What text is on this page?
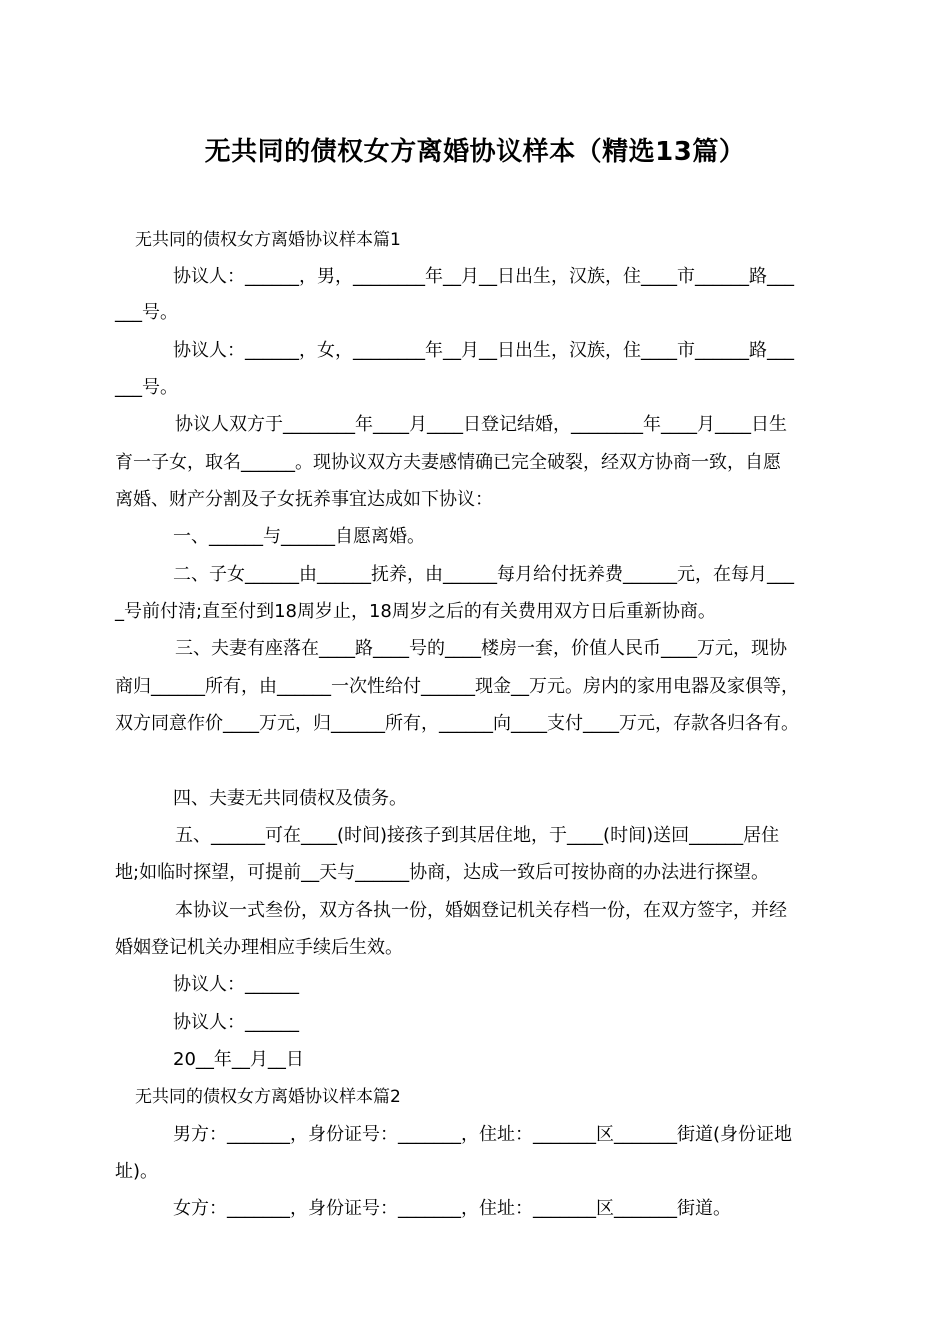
无共同的债权女方离婚协议样本（精选13篇）
无共同的债权女方离婚协议样本篇1
协议人：______，男，________年__月__日出生，汉族，住____市______路___
___号。
协议人：______，女，________年__月__日出生，汉族，住____市______路___
___号。
协议人双方于________年____月____日登记结婚，________年____月____日生
育一子女，取名______。现协议双方夫妻感情确已完全破裂，经双方协商一致，自愿
离婚、财产分割及子女抚养事宜达成如下协议：
一、______与______自愿离婚。
二、子女______由______抚养，由______每月给付抚养费______元，在每月___
_号前付清;直至付到18周岁止，18周岁之后的有关费用双方日后重新协商。
三、夫妻有座落在____路____号的____楼房一套，价值人民币____万元，现协
商归______所有，由______一次性给付______现金__万元。房内的家用电器及家俱等，
双方同意作价____万元，归______所有，______向____支付____万元，存款各归各有。
四、夫妻无共同债权及债务。
五、______可在____(时间)接孩子到其居住地，于____(时间)送回______居住
地;如临时探望，可提前__天与______协商，达成一致后可按协商的办法进行探望。
本协议一式叁份，双方各执一份，婚姻登记机关存档一份，在双方签字，并经
婚姻登记机关办理相应手续后生效。
协议人：______
协议人：______
20__年__月__日
无共同的债权女方离婚协议样本篇2
男方：_______，身份证号：_______，住址：_______区_______街道(身份证地
址)。
女方：_______，身份证号：_______，住址：_______区_______街道。
